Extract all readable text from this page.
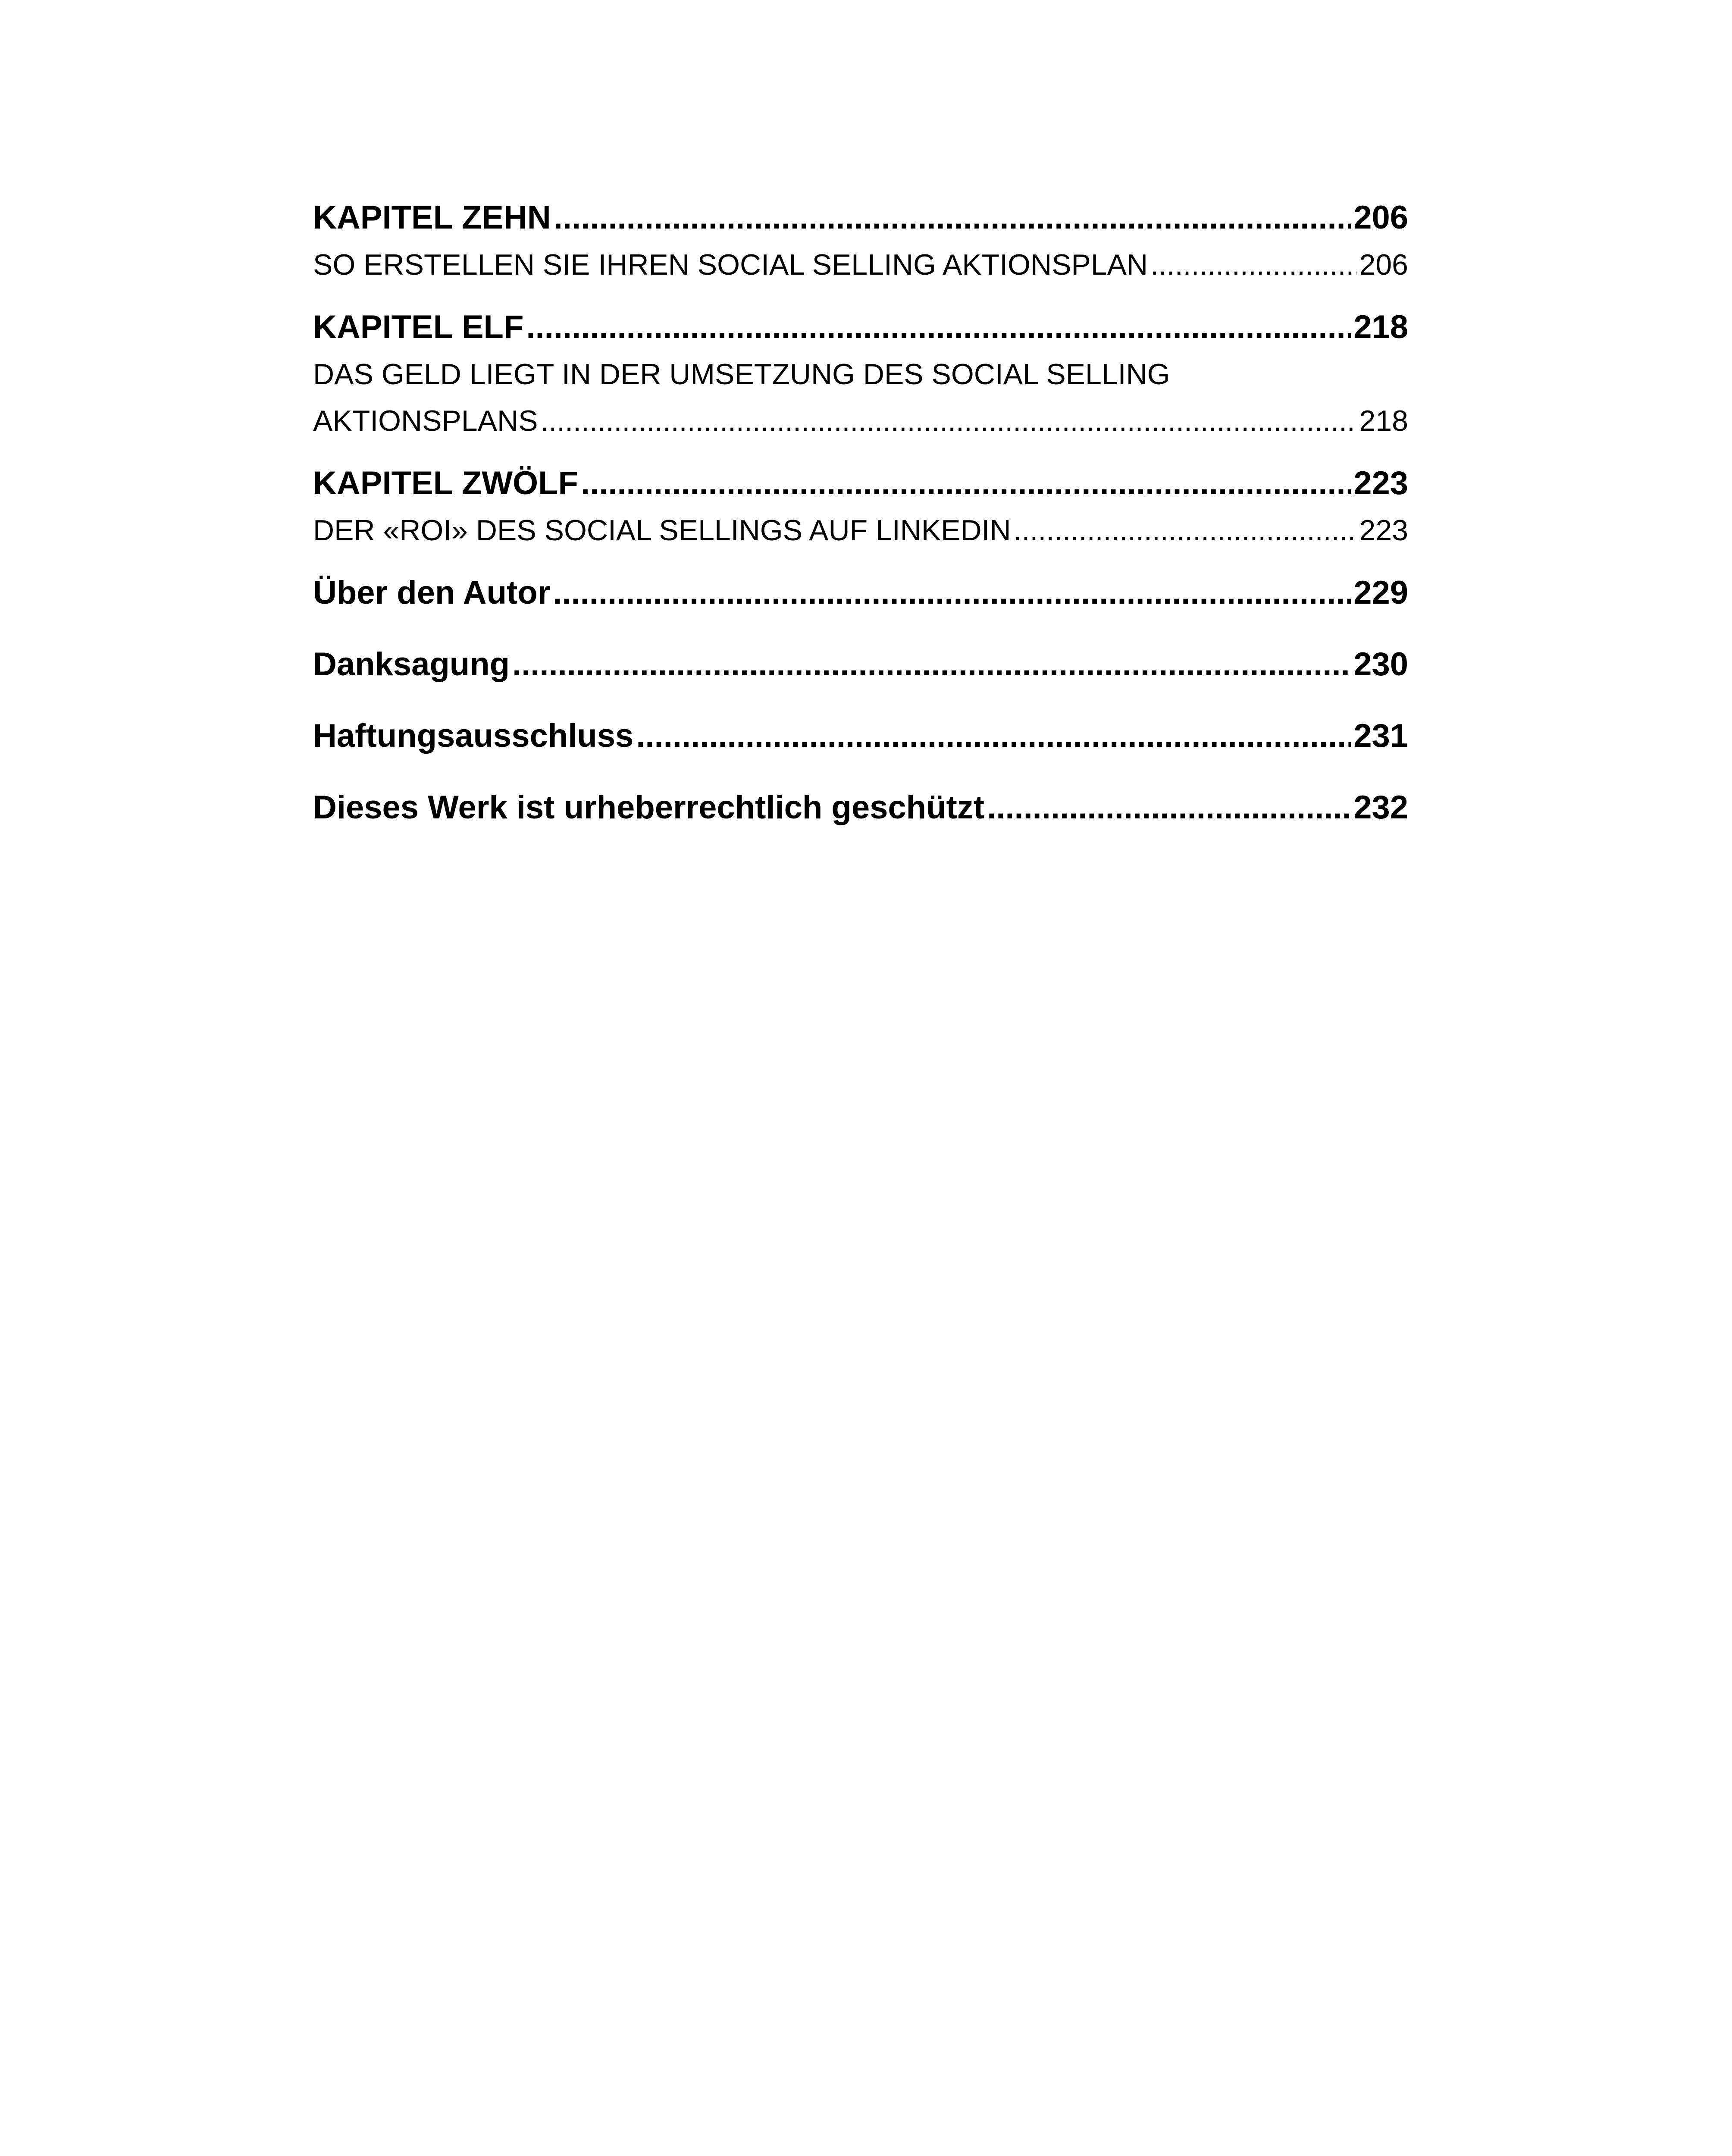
KAPITEL ZEHN .....	206
SO ERSTELLEN SIE IHREN SOCIAL SELLING AKTIONSPLAN .....	206
KAPITEL ELF .....	218
DAS GELD LIEGT IN DER UMSETZUNG DES SOCIAL SELLING
AKTIONSPLANS .....	218
KAPITEL ZWÖLF .....	223
DER «ROI» DES SOCIAL SELLINGS AUF LINKEDIN .....	223
Über den Autor .....	229
Danksagung .....	230
Haftungsausschluss .....	231
Dieses Werk ist urheberrechtlich geschützt .....	232
